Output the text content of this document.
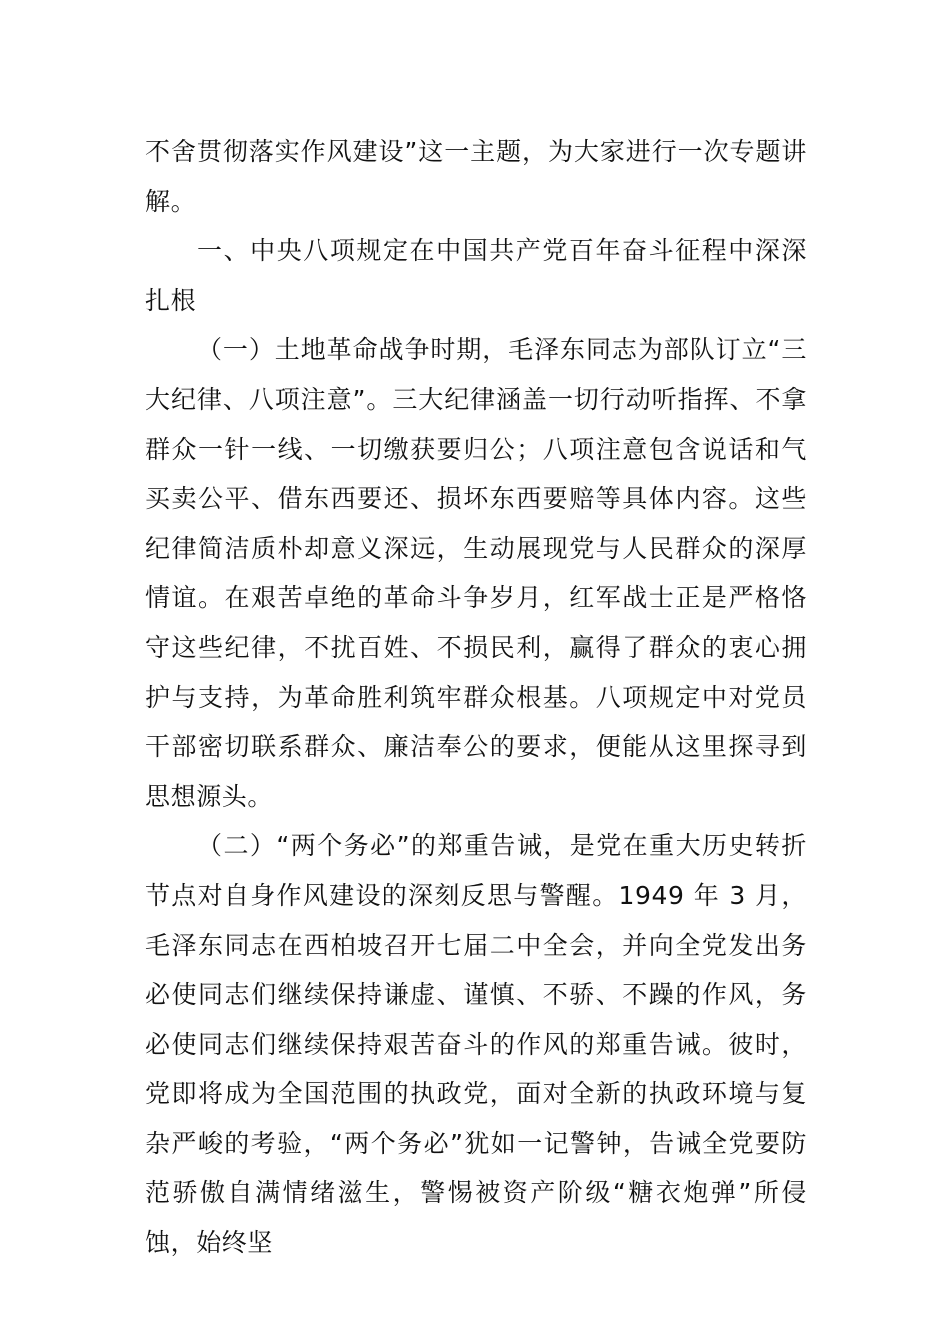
不舍贯彻落实作风建设”这一主题，为大家进行一次专题讲解。

一、中央八项规定在中国共产党百年奋斗征程中深深扎根

（一）土地革命战争时期，毛泽东同志为部队订立“三大纪律、八项注意”。三大纪律涵盖一切行动听指挥、不拿群众一针一线、一切缴获要归公；八项注意包含说话和气买卖公平、借东西要还、损坏东西要赔等具体内容。这些纪律简洁质朴却意义深远，生动展现党与人民群众的深厚情谊。在艰苦卓绝的革命斗争岁月，红军战士正是严格恪守这些纪律，不扰百姓、不损民利，赢得了群众的衷心拥护与支持，为革命胜利筑牢群众根基。八项规定中对党员干部密切联系群众、廉洁奉公的要求，便能从这里探寻到思想源头。

（二）“两个务必”的郑重告诫，是党在重大历史转折节点对自身作风建设的深刻反思与警醒。1949 年 3 月，毛泽东同志在西柏坡召开七届二中全会，并向全党发出务必使同志们继续保持谦虚、谨慎、不骄、不躁的作风，务必使同志们继续保持艰苦奋斗的作风的郑重告诫。彼时，党即将成为全国范围的执政党，面对全新的执政环境与复杂严峻的考验，“两个务必”犹如一记警钟，告诫全党要防范骄傲自满情绪滋生，警惕被资产阶级“糖衣炮弹”所侵蚀，始终坚
